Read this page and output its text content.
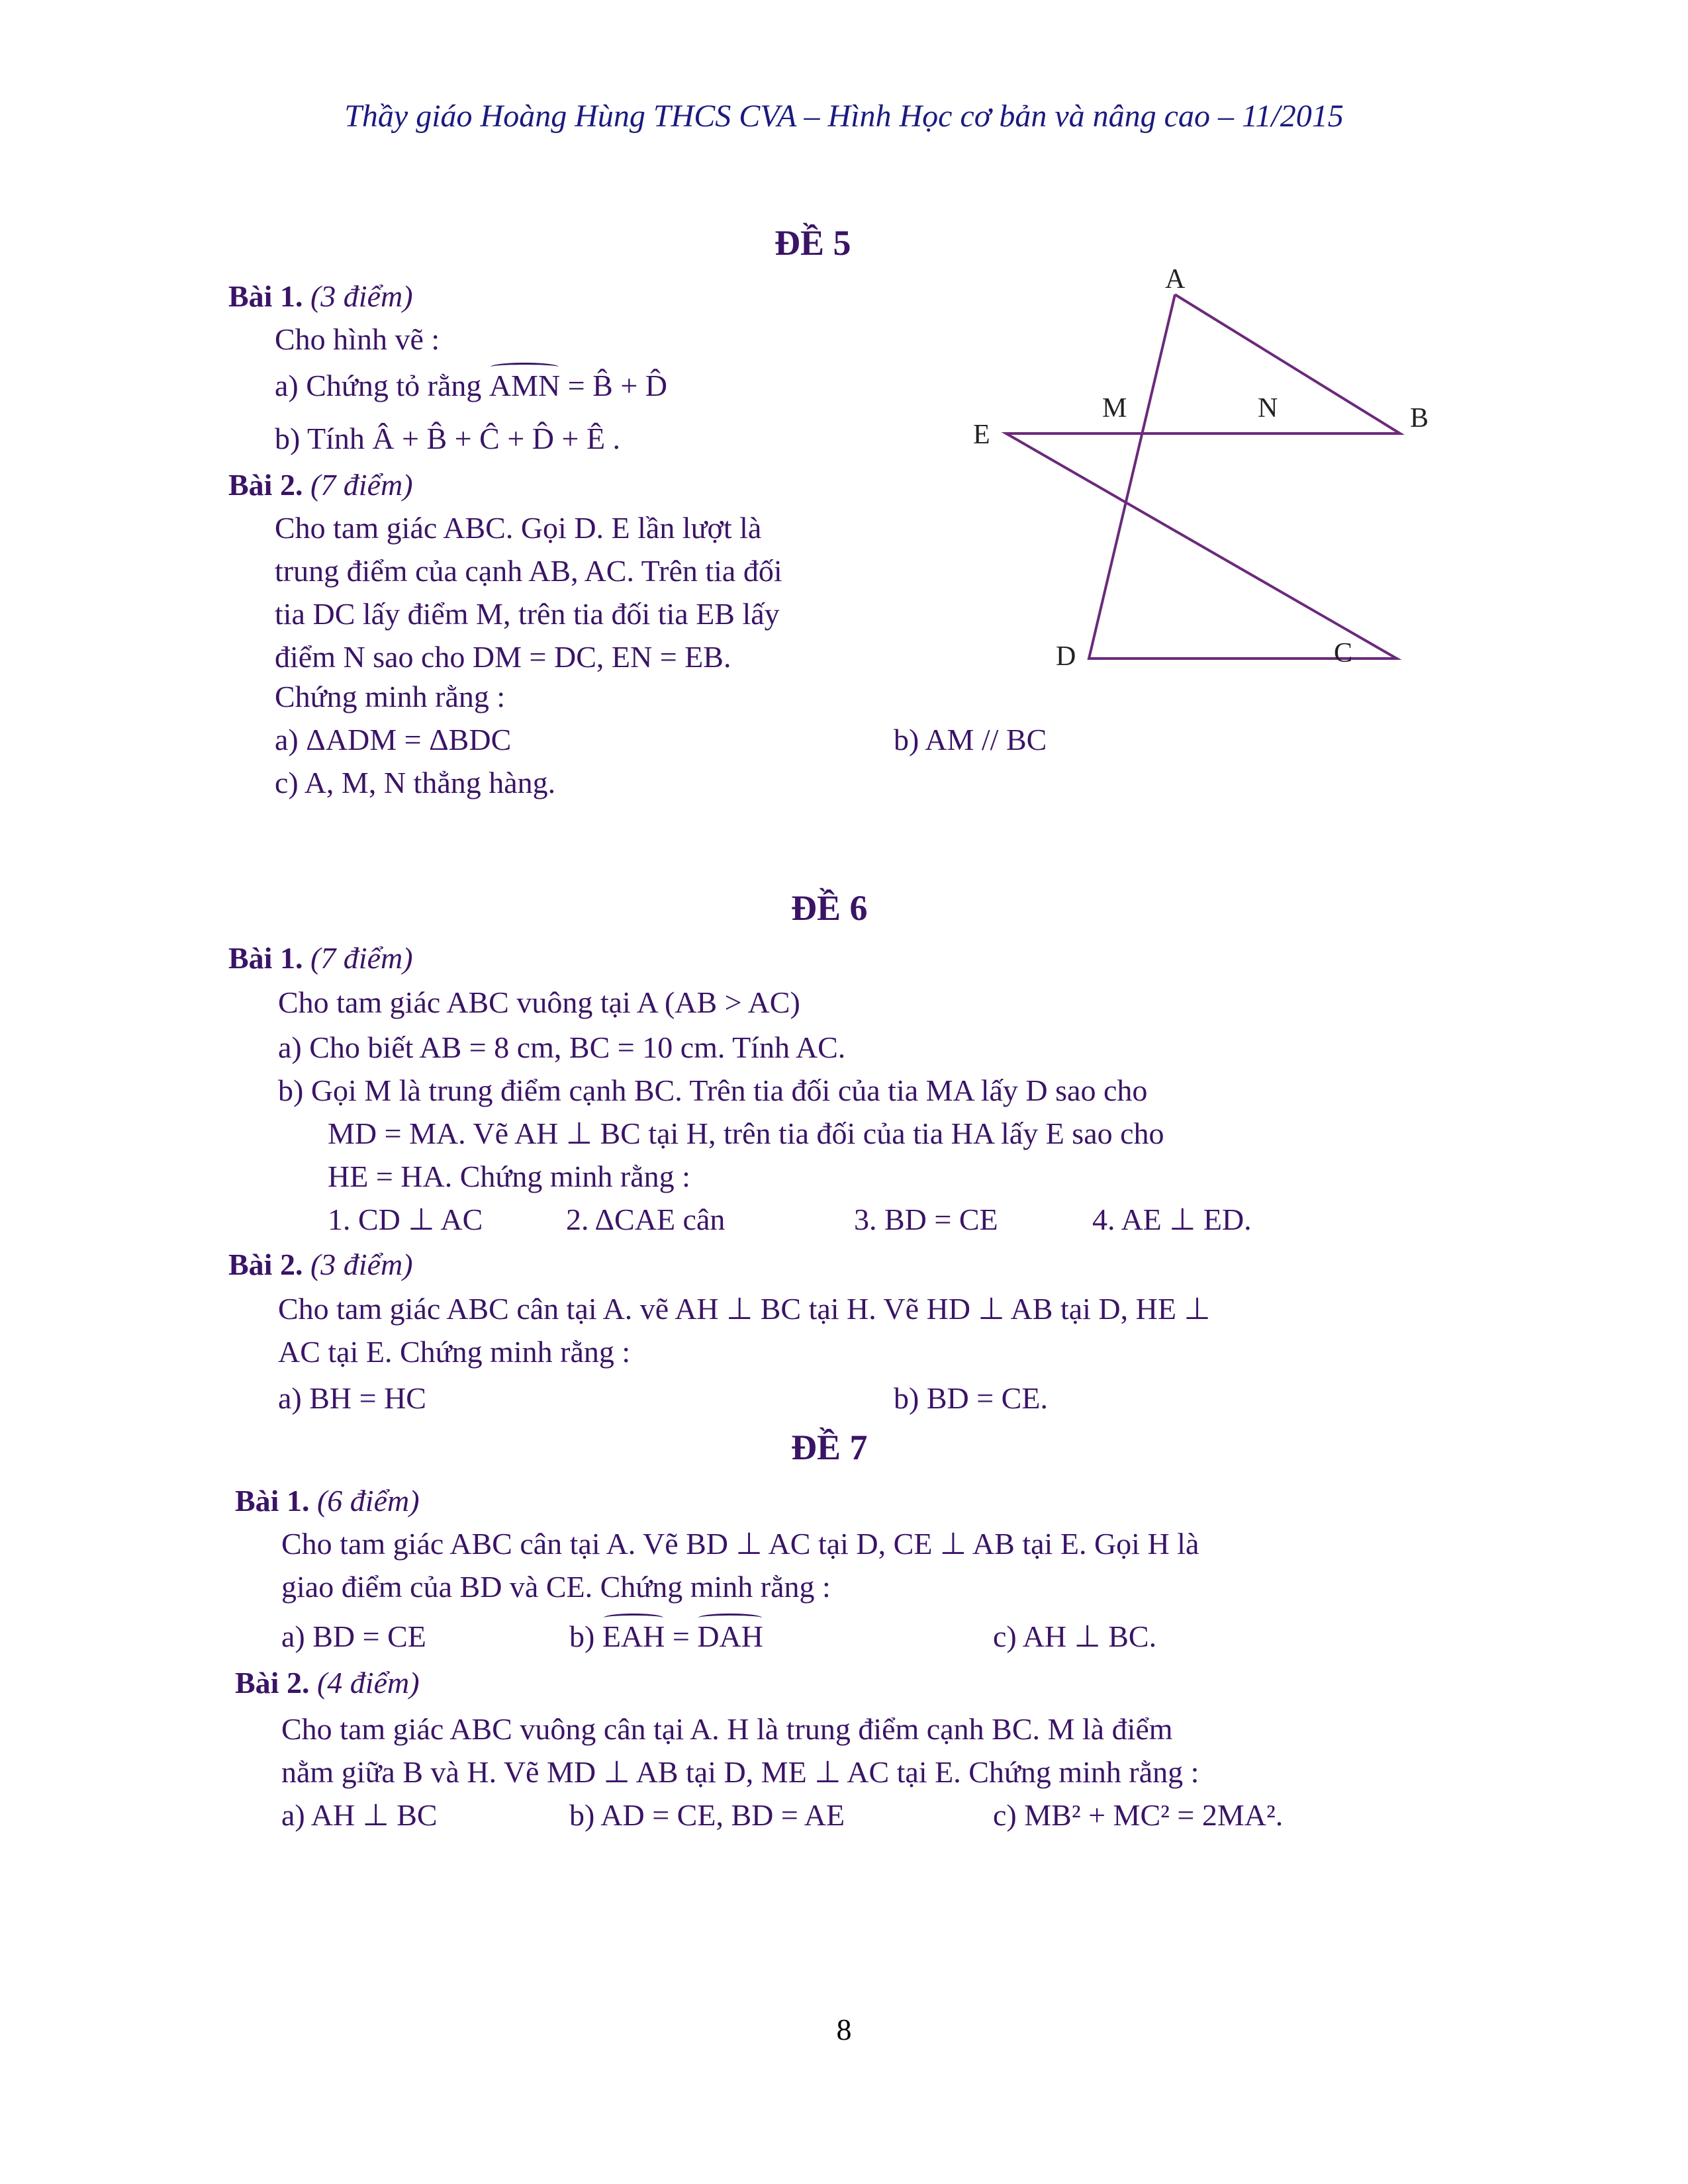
Thầy giáo Hoàng Hùng THCS CVA – Hình Học cơ bản và nâng cao – 11/2015
ĐỀ 5
Bài 1. (3 điểm)
Cho hình vẽ :
a) Chứng tỏ rằng AMN = B̂ + D̂
b) Tính Â + B̂ + Ĉ + D̂ + Ê .
Bài 2. (7 điểm)
Cho tam giác ABC. Gọi D. E lần lượt là
trung điểm của cạnh AB, AC. Trên tia đối
tia DC lấy điểm M, trên tia đối tia EB lấy
điểm N sao cho DM = DC, EN = EB.
Chứng minh rằng :
a) ΔADM = ΔBDC	b) AM // BC
c) A, M, N thẳng hàng.
A
B
C
D
E
M	N
ĐỀ 6
Bài 1. (7 điểm)
Cho tam giác ABC vuông tại A (AB > AC)
a) Cho biết AB = 8 cm, BC = 10 cm. Tính AC.
b) Gọi M là trung điểm cạnh BC. Trên tia đối của tia MA lấy D sao cho
MD = MA. Vẽ AH ⊥ BC tại H, trên tia đối của tia HA lấy E sao cho
HE = HA. Chứng minh rằng :
1. CD ⊥ AC	2. ΔCAE cân	3. BD = CE	4. AE ⊥ ED.
Bài 2. (3 điểm)
Cho tam giác ABC cân tại A. vẽ AH ⊥ BC tại H. Vẽ HD ⊥ AB tại D, HE ⊥
AC tại E. Chứng minh rằng :
a) BH = HC	b) BD = CE.
ĐỀ 7
Bài 1. (6 điểm)
Cho tam giác ABC cân tại A. Vẽ BD ⊥ AC tại D, CE ⊥ AB tại E. Gọi H là
giao điểm của BD và CE. Chứng minh rằng :
a) BD = CE	b) EAH = DAH	c) AH ⊥ BC.
Bài 2. (4 điểm)
Cho tam giác ABC vuông cân tại A. H là trung điểm cạnh BC. M là điểm
nằm giữa B và H. Vẽ MD ⊥ AB tại D, ME ⊥ AC tại E. Chứng minh rằng :
a) AH ⊥ BC	b) AD = CE, BD = AE	c) MB² + MC² = 2MA².
8
